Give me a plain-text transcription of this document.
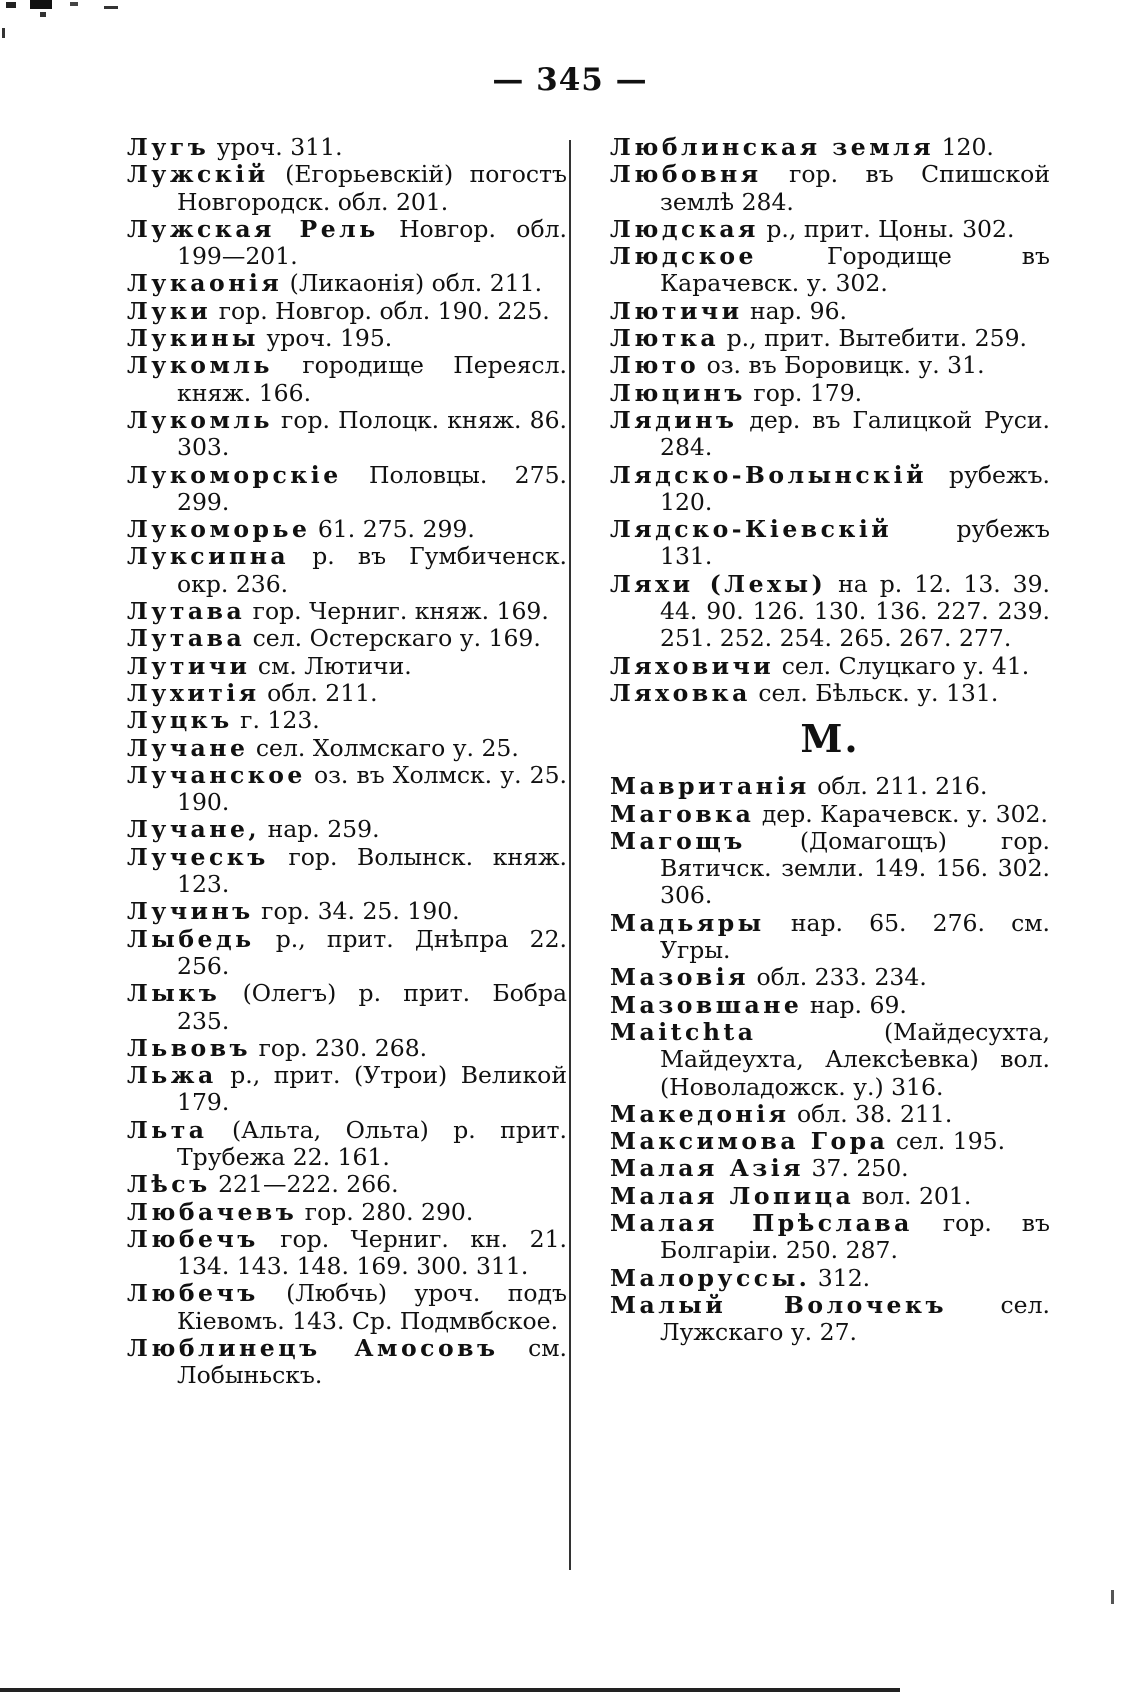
— 345 —
Лугъ уроч. 311.
Лужскій (Егорьевскій) погостъ Новгородск. обл. 201.
Лужская Рель Новгор. обл. 199—201.
Лукаонія (Ликаонія) обл. 211.
Луки гор. Новгор. обл. 190. 225.
Лукины уроч. 195.
Лукомль городище Переясл. княж. 166.
Лукомль гор. Полоцк. княж. 86. 303.
Лукоморскіе Половцы. 275. 299.
Лукоморье 61. 275. 299.
Луксипна р. въ Гумбиченск. окр. 236.
Лутава гор. Черниг. княж. 169.
Лутава сел. Остерскаго у. 169.
Лутичи см. Лютичи.
Лухитія обл. 211.
Луцкъ г. 123.
Лучане сел. Холмскаго у. 25.
Лучанское оз. въ Холмск. у. 25. 190.
Лучане, нар. 259.
Луческъ гор. Волынск. княж. 123.
Лучинъ гор. 34. 25. 190.
Лыбедь р., прит. Днѣпра 22. 256.
Лыкъ (Олегъ) р. прит. Бобра 235.
Львовъ гор. 230. 268.
Льжа р., прит. (Утрои) Великой 179.
Льта (Альта, Ольта) р. прит. Трубежа 22. 161.
Лѣсъ 221—222. 266.
Любачевъ гор. 280. 290.
Любечъ гор. Черниг. кн. 21. 134. 143. 148. 169. 300. 311.
Любечъ (Любчь) уроч. подъ Кіевомъ. 143. Ср. Подмвбское.
Люблинецъ Амосовъ см. Лобыньскъ.
Люблинская земля 120.
Любовня гор. въ Спишской землѣ 284.
Людская р., прит. Цоны. 302.
Людское Городище въ Карачевск. у. 302.
Лютичи нар. 96.
Лютка р., прит. Вытебити. 259.
Люто оз. въ Боровицк. у. 31.
Люцинъ гор. 179.
Лядинъ дер. въ Галицкой Руси. 284.
Лядско-Волынскій рубежъ. 120.
Лядско-Кіевскій рубежъ 131.
Ляхи (Лехы) на р. 12. 13. 39. 44. 90. 126. 130. 136. 227. 239. 251. 252. 254. 265. 267. 277.
Ляховичи сел. Слуцкаго у. 41.
Ляховка сел. Бѣльск. у. 131.
М.
Мавританія обл. 211. 216.
Маговка дер. Карачевск. у. 302.
Магощъ (Домагощъ) гор. Вятичск. земли. 149. 156. 302. 306.
Мадьяры нар. 65. 276. см. Угры.
Мазовія обл. 233. 234.
Мазовшане нар. 69.
Maitchta (Майдесухта, Майдеухта, Алексѣевка) вол. (Новоладожск. у.) 316.
Македонія обл. 38. 211.
Максимова Гора сел. 195.
Малая Азія 37. 250.
Малая Лопица вол. 201.
Малая Прѣслава гор. въ Болгаріи. 250. 287.
Малоруссы. 312.
Малый Волочекъ сел. Лужскаго у. 27.
